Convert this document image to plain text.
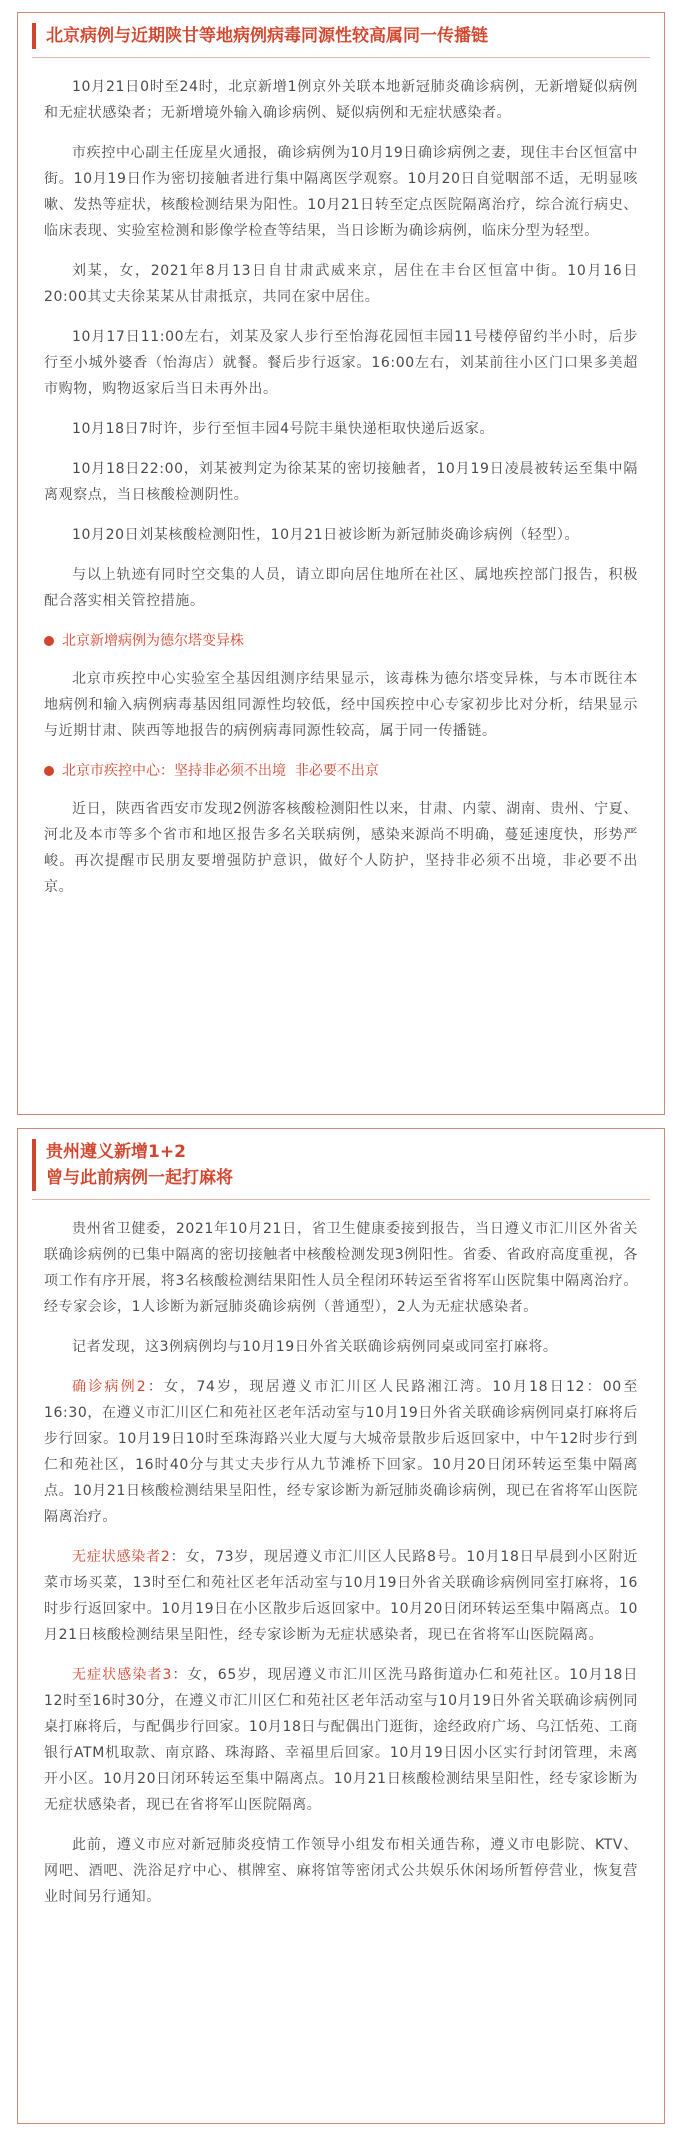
北京病例与近期陕甘等地病例病毒同源性较高属同一传播链

10月21日0时至24时，北京新增1例京外关联本地新冠肺炎确诊病例，无新增疑似病例和无症状感染者；无新增境外输入确诊病例、疑似病例和无症状感染者。

市疾控中心副主任庞星火通报，确诊病例为10月19日确诊病例之妻，现住丰台区恒富中街。10月19日作为密切接触者进行集中隔离医学观察。10月20日自觉咽部不适，无明显咳嗽、发热等症状，核酸检测结果为阳性。10月21日转至定点医院隔离治疗，综合流行病史、临床表现、实验室检测和影像学检查等结果，当日诊断为确诊病例，临床分型为轻型。

刘某，女，2021年8月13日自甘肃武威来京，居住在丰台区恒富中街。10月16日20:00其丈夫徐某某从甘肃抵京，共同在家中居住。

10月17日11:00左右，刘某及家人步行至怡海花园恒丰园11号楼停留约半小时，后步行至小城外婆香（怡海店）就餐。餐后步行返家。16:00左右，刘某前往小区门口果多美超市购物，购物返家后当日未再外出。

10月18日7时许，步行至恒丰园4号院丰巢快递柜取快递后返家。

10月18日22:00，刘某被判定为徐某某的密切接触者，10月19日凌晨被转运至集中隔离观察点，当日核酸检测阴性。

10月20日刘某核酸检测阳性，10月21日被诊断为新冠肺炎确诊病例（轻型）。

与以上轨迹有同时空交集的人员，请立即向居住地所在社区、属地疾控部门报告，积极配合落实相关管控措施。

北京新增病例为德尔塔变异株

北京市疾控中心实验室全基因组测序结果显示，该毒株为德尔塔变异株，与本市既往本地病例和输入病例病毒基因组同源性均较低，经中国疾控中心专家初步比对分析，结果显示与近期甘肃、陕西等地报告的病例病毒同源性较高，属于同一传播链。

北京市疾控中心：坚持非必须不出境  非必要不出京

近日，陕西省西安市发现2例游客核酸检测阳性以来，甘肃、内蒙、湖南、贵州、宁夏、河北及本市等多个省市和地区报告多名关联病例，感染来源尚不明确，蔓延速度快，形势严峻。再次提醒市民朋友要增强防护意识，做好个人防护，坚持非必须不出境，非必要不出京。

贵州遵义新增1+2
曾与此前病例一起打麻将

贵州省卫健委，2021年10月21日，省卫生健康委接到报告，当日遵义市汇川区外省关联确诊病例的已集中隔离的密切接触者中核酸检测发现3例阳性。省委、省政府高度重视，各项工作有序开展，将3名核酸检测结果阳性人员全程闭环转运至省将军山医院集中隔离治疗。经专家会诊，1人诊断为新冠肺炎确诊病例（普通型），2人为无症状感染者。

记者发现，这3例病例均与10月19日外省关联确诊病例同桌或同室打麻将。

确诊病例2：女，74岁，现居遵义市汇川区人民路湘江湾。10月18日12：00至16:30，在遵义市汇川区仁和苑社区老年活动室与10月19日外省关联确诊病例同桌打麻将后步行回家。10月19日10时至珠海路兴业大厦与大城帝景散步后返回家中，中午12时步行到仁和苑社区，16时40分与其丈夫步行从九节滩桥下回家。10月20日闭环转运至集中隔离点。10月21日核酸检测结果呈阳性，经专家诊断为新冠肺炎确诊病例，现已在省将军山医院隔离治疗。

无症状感染者2：女，73岁，现居遵义市汇川区人民路8号。10月18日早晨到小区附近菜市场买菜，13时至仁和苑社区老年活动室与10月19日外省关联确诊病例同室打麻将，16时步行返回家中。10月19日在小区散步后返回家中。10月20日闭环转运至集中隔离点。10月21日核酸检测结果呈阳性，经专家诊断为无症状感染者，现已在省将军山医院隔离。

无症状感染者3：女，65岁，现居遵义市汇川区洗马路街道办仁和苑社区。10月18日12时至16时30分，在遵义市汇川区仁和苑社区老年活动室与10月19日外省关联确诊病例同桌打麻将后，与配偶步行回家。10月18日与配偶出门逛街，途经政府广场、乌江恬苑、工商银行ATM机取款、南京路、珠海路、幸福里后回家。10月19日因小区实行封闭管理，未离开小区。10月20日闭环转运至集中隔离点。10月21日核酸检测结果呈阳性，经专家诊断为无症状感染者，现已在省将军山医院隔离。

此前，遵义市应对新冠肺炎疫情工作领导小组发布相关通告称，遵义市电影院、KTV、网吧、酒吧、洗浴足疗中心、棋牌室、麻将馆等密闭式公共娱乐休闲场所暂停营业，恢复营业时间另行通知。
